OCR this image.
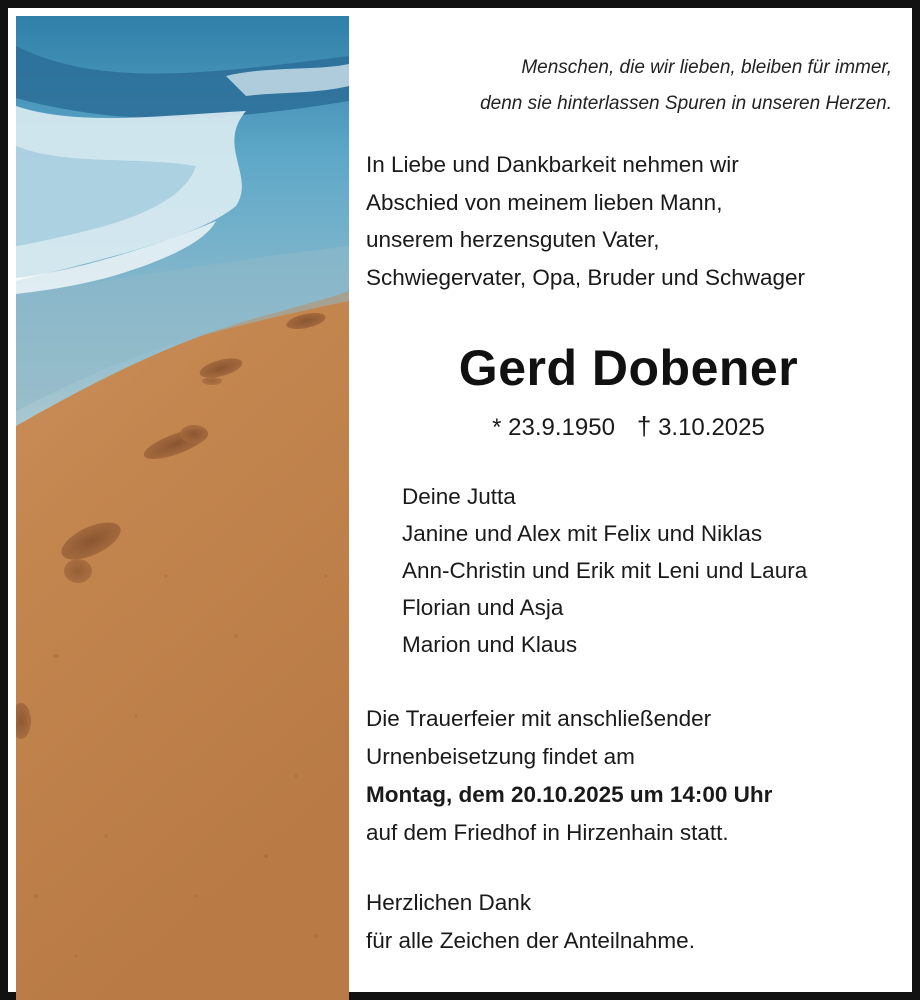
Menschen, die wir lieben, bleiben für immer,
denn sie hinterlassen Spuren in unseren Herzen.
In Liebe und Dankbarkeit nehmen wir
Abschied von meinem lieben Mann,
unserem herzensguten Vater,
Schwiegervater, Opa, Bruder und Schwager
Gerd Dobener
* 23.9.1950 † 3.10.2025
Deine Jutta
Janine und Alex mit Felix und Niklas
Ann-Christin und Erik mit Leni und Laura
Florian und Asja
Marion und Klaus
Die Trauerfeier mit anschließender
Urnenbeisetzung findet am
Montag, dem 20.10.2025 um 14:00 Uhr
auf dem Friedhof in Hirzenhain statt.
Herzlichen Dank
für alle Zeichen der Anteilnahme.
